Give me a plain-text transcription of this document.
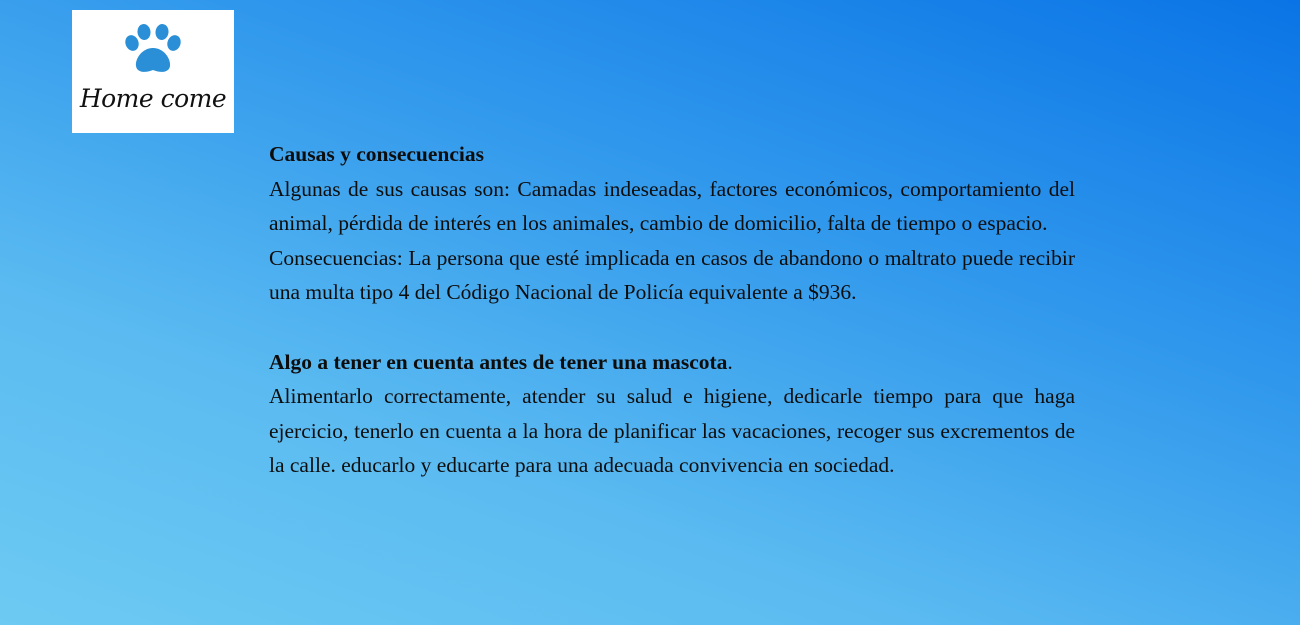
Home come

Causas y consecuencias

Algunas de sus causas son: Camadas indeseadas, factores económicos, comportamiento del animal, pérdida de interés en los animales, cambio de domicilio, falta de tiempo o espacio.

Consecuencias: La persona que esté implicada en casos de abandono o maltrato puede recibir una multa tipo 4 del Código Nacional de Policía equivalente a $936.

Algo a tener en cuenta antes de tener una mascota.

Alimentarlo correctamente, atender su salud e higiene, dedicarle tiempo para que haga ejercicio, tenerlo en cuenta a la hora de planificar las vacaciones, recoger sus excrementos de la calle. educarlo y educarte para una adecuada convivencia en sociedad.
